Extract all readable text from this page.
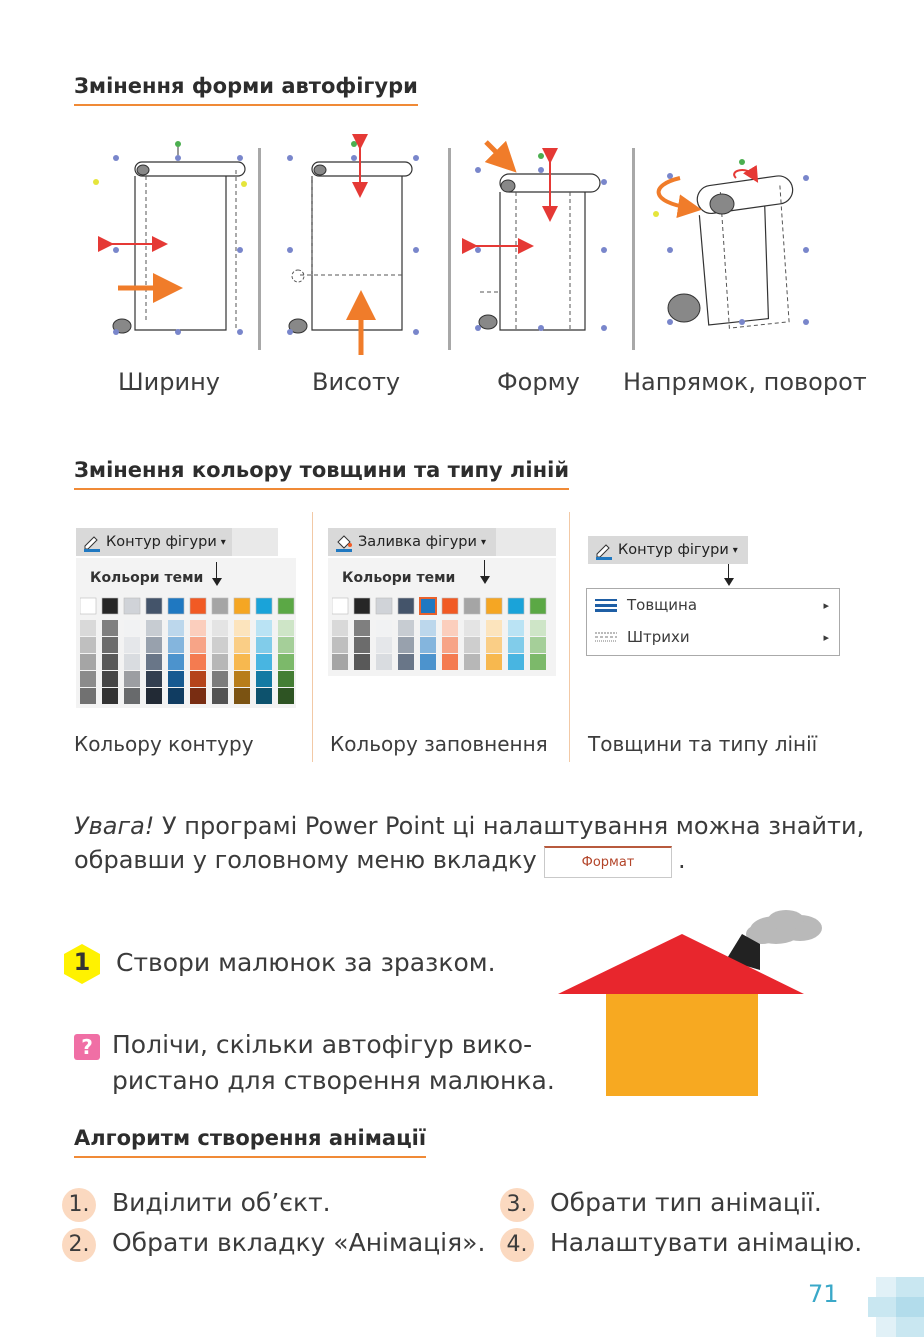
Змінення форми автофігури
Ширину	Висоту	Форму Напрямок, поворот
Змінення кольору товщини та типу ліній
Контур фігури ▾
Кольори теми
Заливка фігури ▾
Кольори теми
Контур фігури ▾
Товщина	▸
Штрихи	▸
Кольору контуру	Кольору заповнення Товщини та типу лінії
Увага! У програмі Power Point ці налаштування можна знайти,
обравши у головному меню вкладку	Формат	.
1	Створи малюнок за зразком.
? Полічи, скільки автофігур вико-
ристано для створення малюнка.
Алгоритм створення анімації
1. Виділити об’єкт.
2. Обрати вкладку «Анімація».
3. Обрати тип анімації.
4. Налаштувати анімацію.
71
